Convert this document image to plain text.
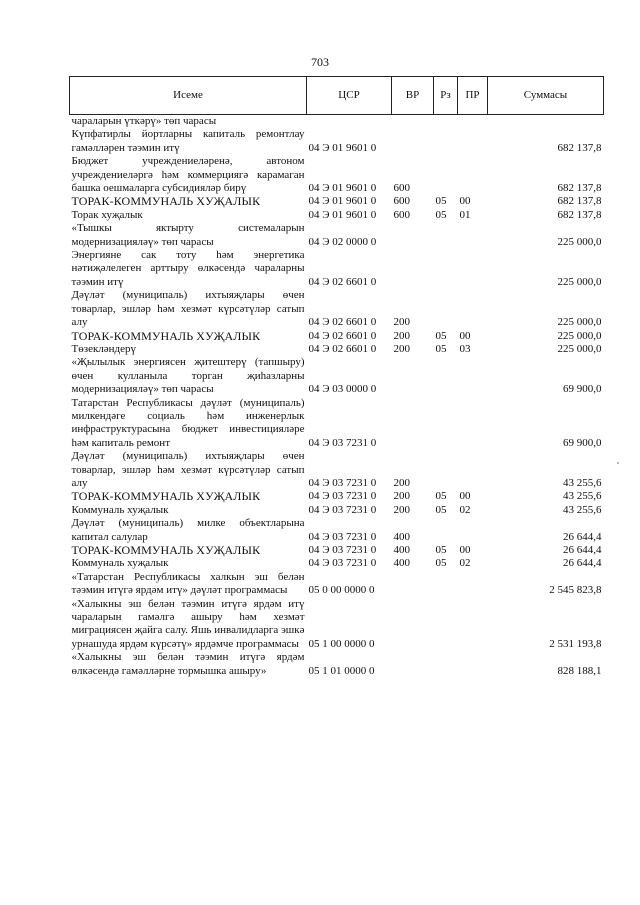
703
Исеме	ЦСР	ВР	Рз	ПР	Суммасы
чараларын үткәрү» төп чарасы					
Күпфатирлы йортларны капиталь ремонтлау гамәлләрен тәэмин итү	04 Э 01 9601 0				682 137,8
Бюджет учреждениеләренә, автоном учреждениеләргә һәм коммерциягә карамаган башка оешмаларга субсидияләр бирү	04 Э 01 9601 0	600			682 137,8
ТОРАК-КОММУНАЛЬ ХУҖАЛЫК	04 Э 01 9601 0	600	05	00	682 137,8
Торак хуҗалык	04 Э 01 9601 0	600	05	01	682 137,8
«Тышкы яктырту системаларын модернизацияләү» төп чарасы	04 Э 02 0000 0				225 000,0
Энергияне сак тоту һәм энергетика нәтиҗәлелеген арттыру өлкәсендә чараларны тәэмин итү	04 Э 02 6601 0				225 000,0
Дәүләт (муниципаль) ихтыяҗлары өчен товарлар, эшләр һәм хезмәт күрсәтүләр сатып алу	04 Э 02 6601 0	200			225 000,0
ТОРАК-КОММУНАЛЬ ХУҖАЛЫК	04 Э 02 6601 0	200	05	00	225 000,0
Төзекләндерү	04 Э 02 6601 0	200	05	03	225 000,0
«Җылылык энергиясен җитештерү (тапшыру) өчен кулланыла торган җиһазларны модернизацияләү» төп чарасы	04 Э 03 0000 0				69 900,0
Татарстан Республикасы дәүләт (муниципаль) милкендәге социаль һәм инженерлык инфраструктурасына бюджет инвестицияләре һәм капиталь ремонт	04 Э 03 7231 0				69 900,0
Дәүләт (муниципаль) ихтыяҗлары өчен товарлар, эшләр һәм хезмәт күрсәтүләр сатып алу	04 Э 03 7231 0	200			43 255,6
ТОРАК-КОММУНАЛЬ ХУҖАЛЫК	04 Э 03 7231 0	200	05	00	43 255,6
Коммуналь хуҗалык	04 Э 03 7231 0	200	05	02	43 255,6
Дәүләт (муниципаль) милке объектларына капитал салулар	04 Э 03 7231 0	400			26 644,4
ТОРАК-КОММУНАЛЬ ХУҖАЛЫК	04 Э 03 7231 0	400	05	00	26 644,4
Коммуналь хуҗалык	04 Э 03 7231 0	400	05	02	26 644,4
«Татарстан Республикасы халкын эш белән тәэмин итүгә ярдәм итү» дәүләт программасы	05 0 00 0000 0				2 545 823,8
«Халыкны эш белән тәэмин итүгә ярдәм итү чараларын гамәлгә ашыру һәм хезмәт миграциясен җайга салу. Яшь инвалидларга эшкә урнашуда ярдәм күрсәтү» ярдәмче программасы	05 1 00 0000 0				2 531 193,8
«Халыкны эш белән тәэмин итүгә ярдәм өлкәсендә гамәлләрне тормышка ашыру»	05 1 01 0000 0				828 188,1
